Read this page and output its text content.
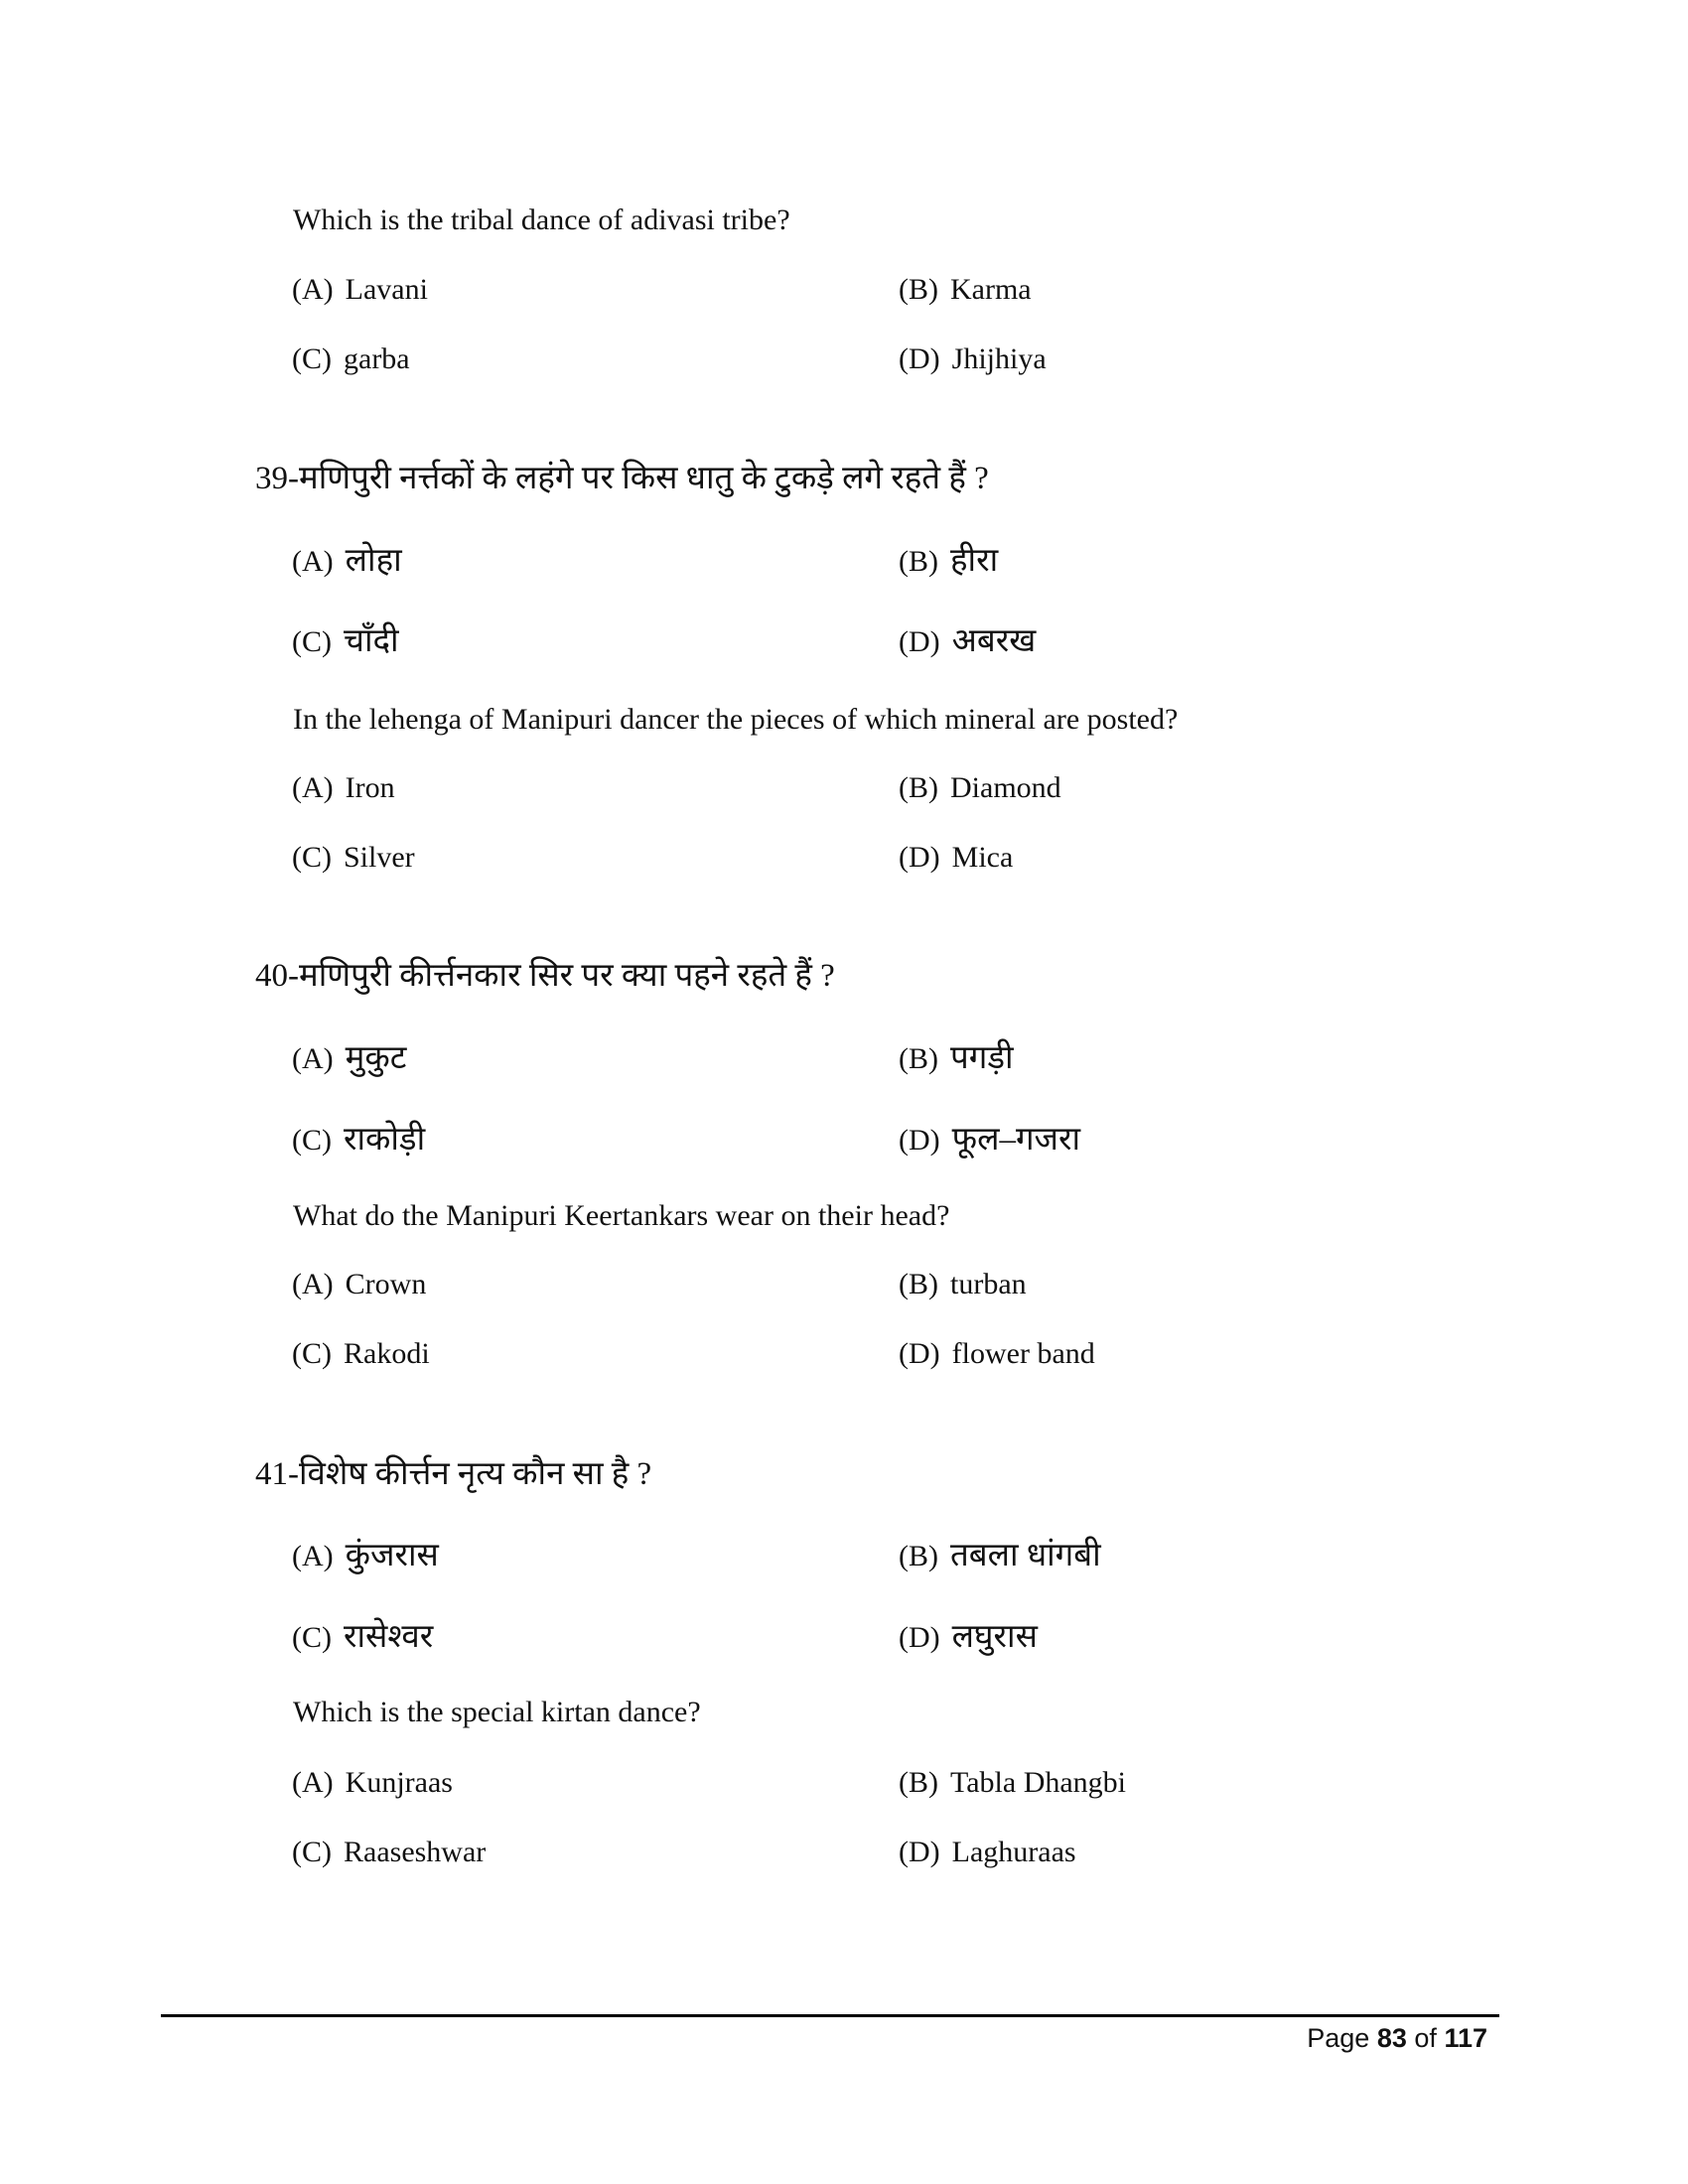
Which is the tribal dance of adivasi tribe?
(A) Lavani	(B) Karma
(C) garba	(D) Jhijhiya
39-मणिपुरी नर्त्तकों के लहंगे पर किस धातु के टुकड़े लगे रहते हैं ?
(A) लोहा	(B) हीरा
(C) चाँदी	(D) अबरख
In the lehenga of Manipuri dancer the pieces of which mineral are posted?
(A) Iron	(B) Diamond
(C) Silver	(D) Mica
40-मणिपुरी कीर्त्तनकार सिर पर क्या पहने रहते हैं ?
(A) मुकुट	(B) पगड़ी
(C) राकोड़ी	(D) फूल–गजरा
What do the Manipuri Keertankars wear on their head?
(A) Crown	(B) turban
(C) Rakodi	(D) flower band
41-विशेष कीर्त्तन नृत्य कौन सा है ?
(A) कुंजरास	(B) तबला धांगबी
(C) रासेश्वर	(D) लघुरास
Which is the special kirtan dance?
(A) Kunjraas	(B) Tabla Dhangbi
(C) Raaseshwar	(D) Laghuraas
Page 83 of 117
